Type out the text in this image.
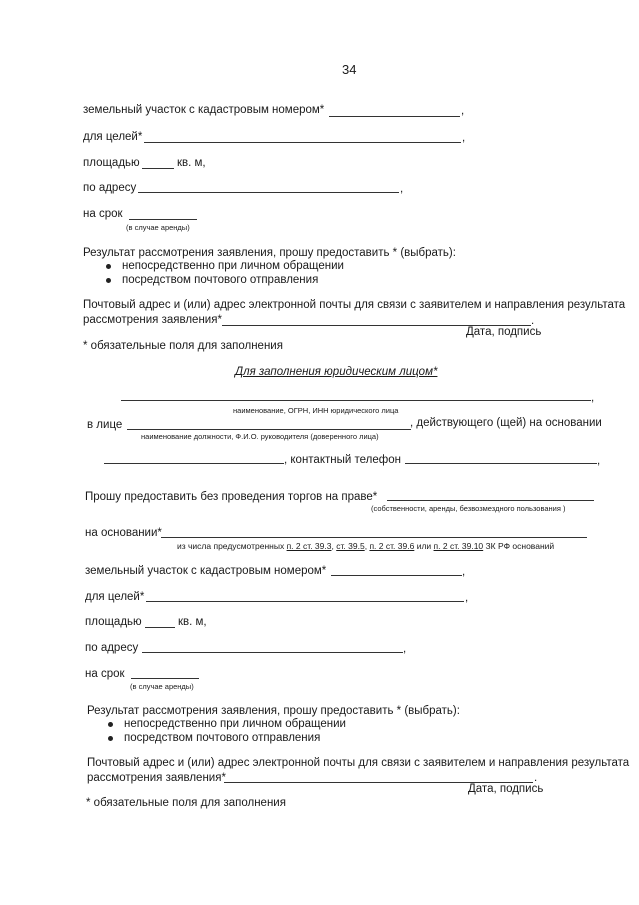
34
земельный участок с кадастровым номером*	,
для целей*	,
площадью	кв. м,
по адресу	,
на срок
(в случае аренды)
Результат рассмотрения заявления, прошу предоставить * (выбрать):
непосредственно при личном обращении
посредством почтового отправления
Почтовый адрес и (или) адрес электронной почты для связи с заявителем и направления результата
рассмотрения заявления*	.
Дата, подпись
* обязательные поля для заполнения
Для заполнения юридическим лицом*
,
наименование, ОГРН, ИНН юридического лица
в лице	, действующего (щей) на основании
наименование должности, Ф.И.О. руководителя (доверенного лица)
, контактный телефон	,
Прошу предоставить без проведения торгов на праве*
(собственности, аренды, безвозмездного пользования )
на основании*
из числа предусмотренных п. 2 ст. 39.3, ст. 39.5, п. 2 ст. 39.6 или п. 2 ст. 39.10 ЗК РФ оснований
земельный участок с кадастровым номером*	,
для целей*	,
площадью	кв. м,
по адресу	,
на срок
(в случае аренды)
Результат рассмотрения заявления, прошу предоставить * (выбрать):
непосредственно при личном обращении
посредством почтового отправления
Почтовый адрес и (или) адрес электронной почты для связи с заявителем и направления результата
рассмотрения заявления*	.
Дата, подпись
* обязательные поля для заполнения
